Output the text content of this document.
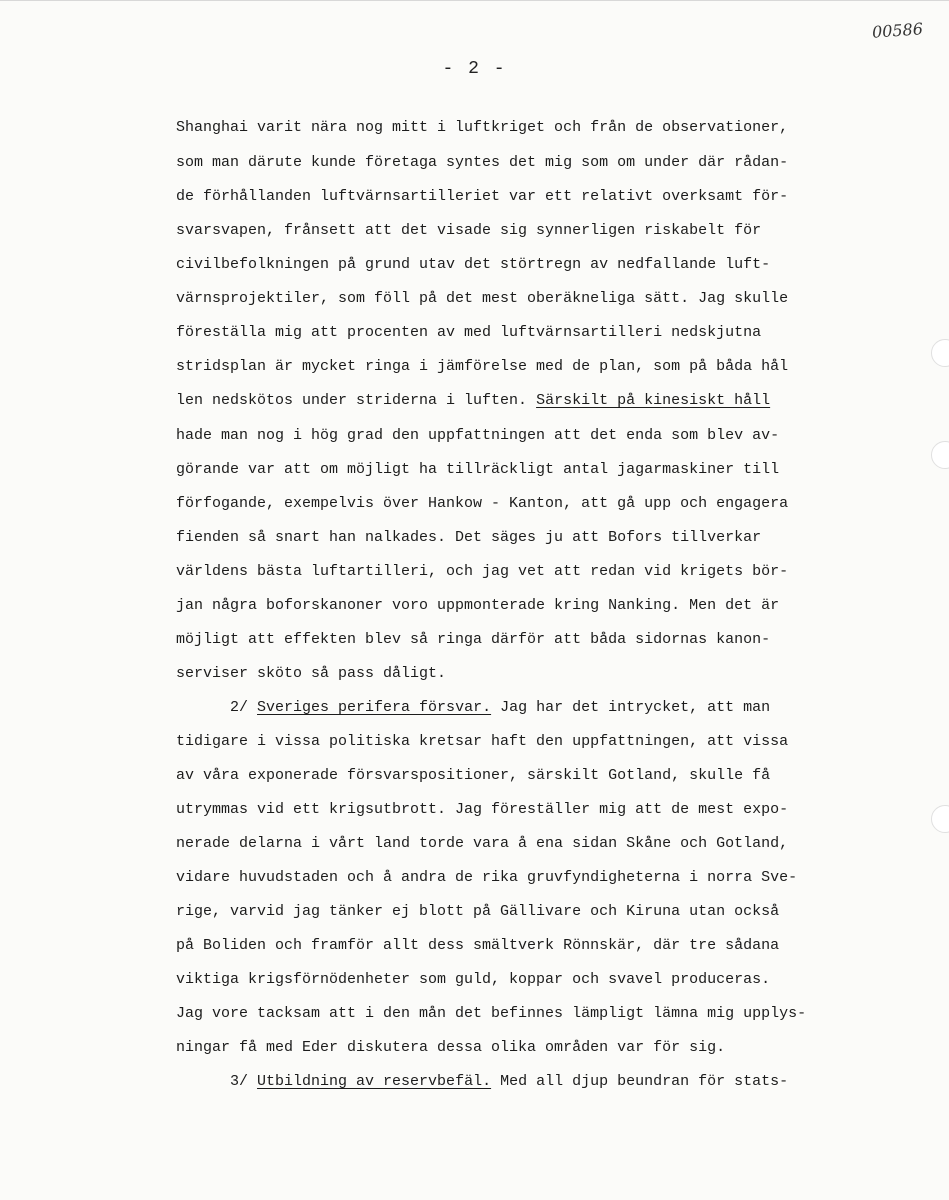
00586
- 2 -
Shanghai varit nära nog mitt i luftkriget och från de observationer,
som man därute kunde företaga syntes det mig som om under där rådan-
de förhållanden luftvärnsartilleriet var ett relativt overksamt för-
svarsvapen, frånsett att det visade sig synnerligen riskabelt för
civilbefolkningen på grund utav det störtregn av nedfallande luft-
värnsprojektiler, som föll på det mest oberäkneliga sätt. Jag skulle
föreställa mig att procenten av med luftvärnsartilleri nedskjutna
stridsplan är mycket ringa i jämförelse med de plan, som på båda hål
len nedskötos under striderna i luften. Särskilt på kinesiskt håll
hade man nog i hög grad den uppfattningen att det enda som blev av-
görande var att om möjligt ha tillräckligt antal jagarmaskiner till
förfogande, exempelvis över Hankow - Kanton, att gå upp och engagera
fienden så snart han nalkades. Det säges ju att Bofors tillverkar
världens bästa luftartilleri, och jag vet att redan vid krigets bör-
jan några boforskanoner voro uppmonterade kring Nanking. Men det är
möjligt att effekten blev så ringa därför att båda sidornas kanon-
serviser sköto så pass dåligt.
2/ Sveriges perifera försvar. Jag har det intrycket, att man
tidigare i vissa politiska kretsar haft den uppfattningen, att vissa
av våra exponerade försvarspositioner, särskilt Gotland, skulle få
utrymmas vid ett krigsutbrott. Jag föreställer mig att de mest expo-
nerade delarna i vårt land torde vara å ena sidan Skåne och Gotland,
vidare huvudstaden och å andra de rika gruvfyndigheterna i norra Sve-
rige, varvid jag tänker ej blott på Gällivare och Kiruna utan också
på Boliden och framför allt dess smältverk Rönnskär, där tre sådana
viktiga krigsförnödenheter som guld, koppar och svavel produceras.
Jag vore tacksam att i den mån det befinnes lämpligt lämna mig upplys-
ningar få med Eder diskutera dessa olika områden var för sig.
3/ Utbildning av reservbefäl. Med all djup beundran för stats-
